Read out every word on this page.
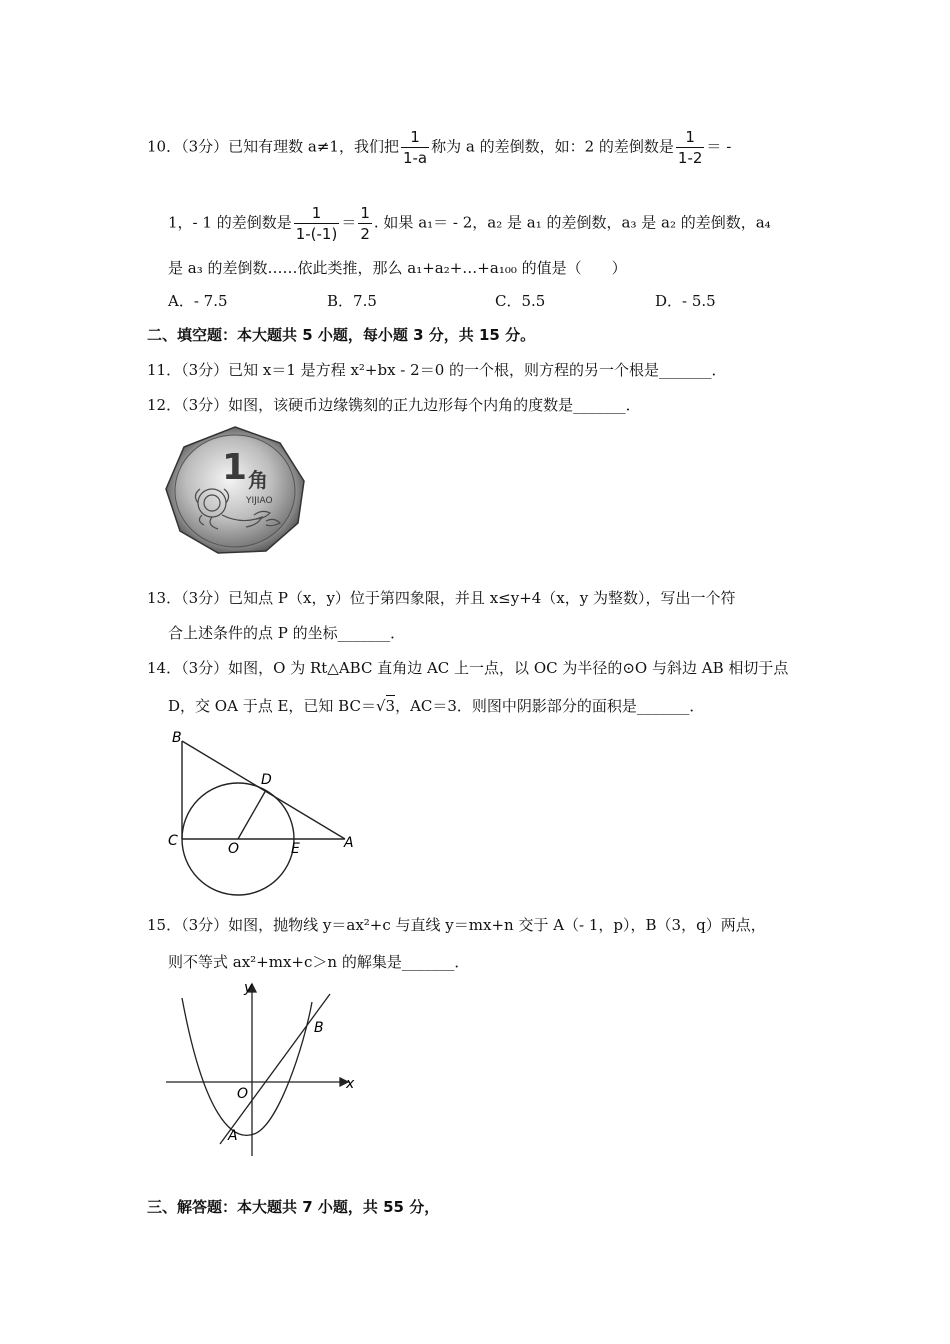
10．（3分）已知有理数 a≠1，我们把 $\frac{1}{1-a}$ 称为 a 的差倒数，如：2 的差倒数是 $\frac{1}{1-2}$ ＝ -
1，- 1 的差倒数是 $\frac{1}{1-(-1)} = \frac{1}{2}$ . 如果 a₁＝ - 2，a₂ 是 a₁ 的差倒数，a₃ 是 a₂ 的差倒数，a₄
是 a₃ 的差倒数……依此类推，那么 a₁+a₂+…+a₁₀₀ 的值是（　　）
A．- 7.5	B．7.5	C．5.5	D．- 5.5
二、填空题：本大题共 5 小题，每小题 3 分，共 15 分。
11．（3分）已知 x＝1 是方程 x²+bx - 2＝0 的一个根，则方程的另一个根是_______．
12．（3分）如图，该硬币边缘镌刻的正九边形每个内角的度数是_______．
1 角
YIJIAO
13．（3分）已知点 P（x，y）位于第四象限，并且 x≤y+4（x，y 为整数），写出一个符
合上述条件的点 P 的坐标_______．
14．（3分）如图，O 为 Rt△ABC 直角边 AC 上一点，以 OC 为半径的⊙O 与斜边 AB 相切于点
D，交 OA 于点 E，已知 BC＝√3，AC＝3．则图中阴影部分的面积是_______．
B
C	O
D
E	A
15．（3分）如图，抛物线 y＝ax²+c 与直线 y＝mx+n 交于 A（- 1，p），B（3，q）两点，
则不等式 ax²+mx+c＞n 的解集是_______．
y
x
O
A
B
三、解答题：本大题共 7 小题，共 55 分，
